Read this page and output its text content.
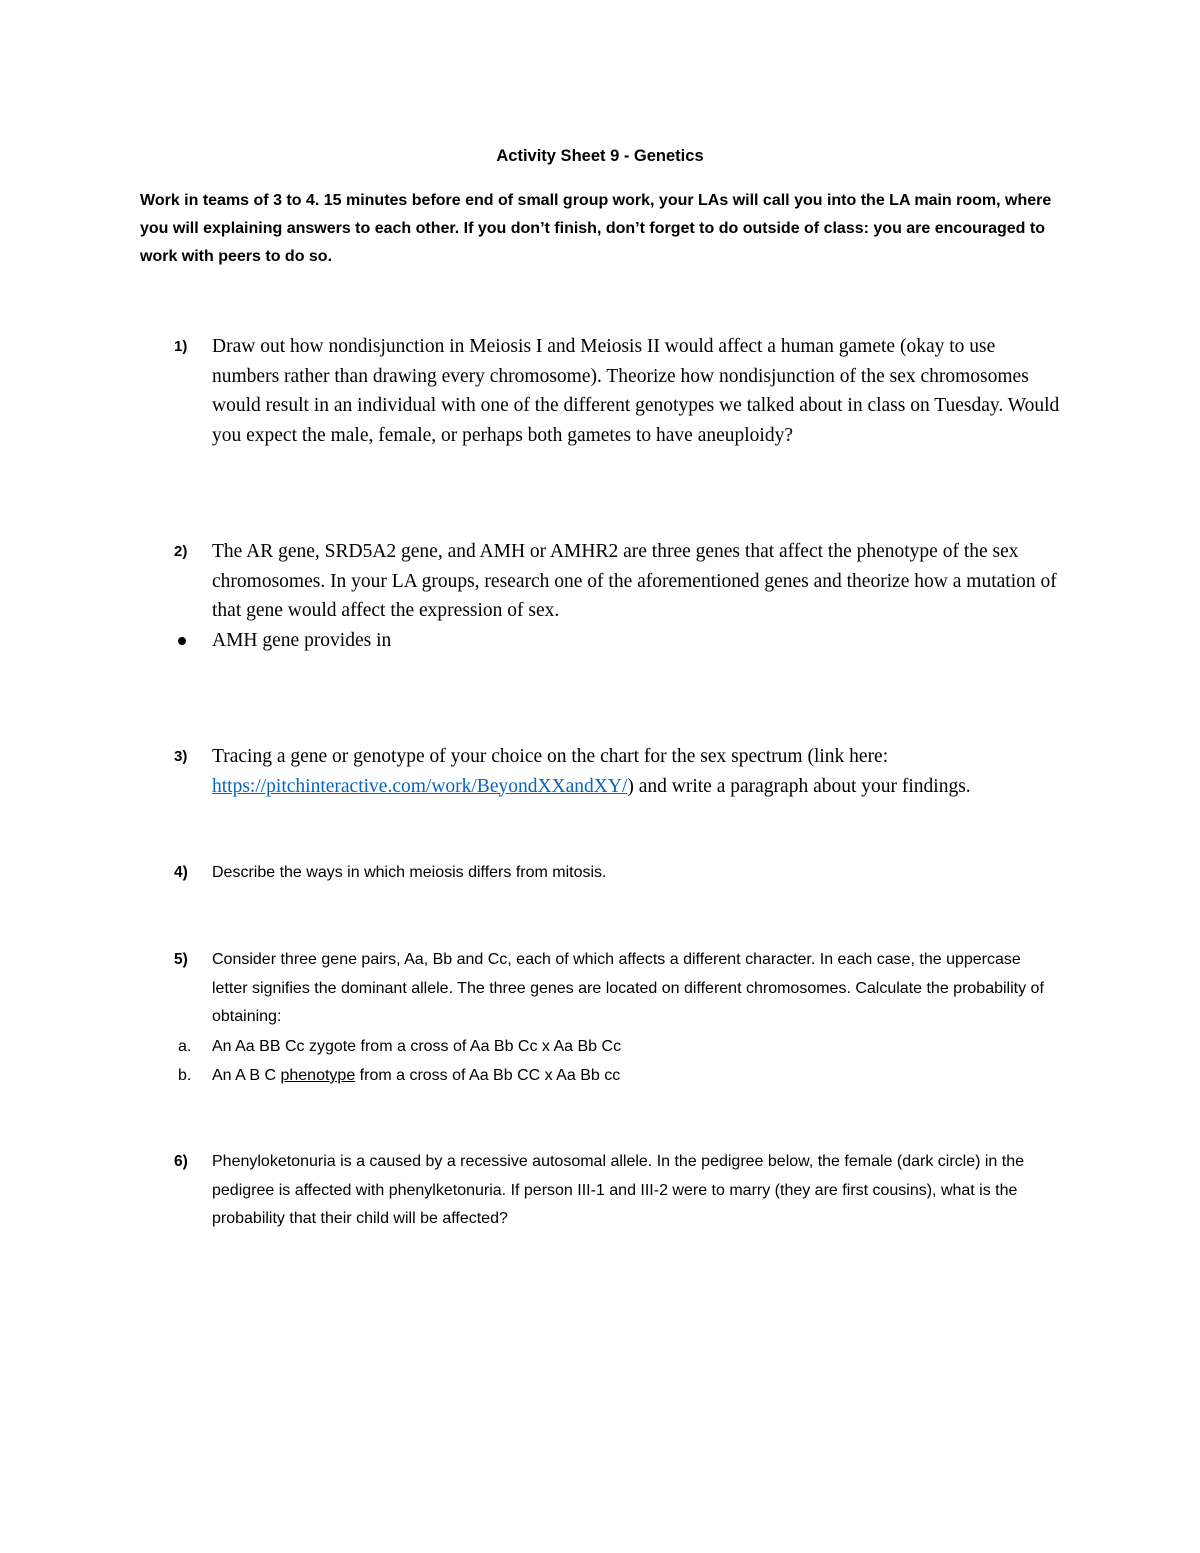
Activity Sheet 9 - Genetics
Work in teams of 3 to 4. 15 minutes before end of small group work, your LAs will call you into the LA main room, where you will explaining answers to each other. If you don’t finish, don’t forget to do outside of class: you are encouraged to work with peers to do so.
1) Draw out how nondisjunction in Meiosis I and Meiosis II would affect a human gamete (okay to use numbers rather than drawing every chromosome). Theorize how nondisjunction of the sex chromosomes would result in an individual with one of the different genotypes we talked about in class on Tuesday. Would you expect the male, female, or perhaps both gametes to have aneuploidy?
2) The AR gene, SRD5A2 gene, and AMH or AMHR2 are three genes that affect the phenotype of the sex chromosomes. In your LA groups, research one of the aforementioned genes and theorize how a mutation of that gene would affect the expression of sex.
AMH gene provides in
3) Tracing a gene or genotype of your choice on the chart for the sex spectrum (link here: https://pitchinteractive.com/work/BeyondXXandXY/) and write a paragraph about your findings.
4) Describe the ways in which meiosis differs from mitosis.
5) Consider three gene pairs, Aa, Bb and Cc, each of which affects a different character. In each case, the uppercase letter signifies the dominant allele. The three genes are located on different chromosomes. Calculate the probability of obtaining:
a. An Aa BB Cc zygote from a cross of Aa Bb Cc x Aa Bb Cc
b. An A B C phenotype from a cross of Aa Bb CC x Aa Bb cc
6) Phenyloketonuria is a caused by a recessive autosomal allele. In the pedigree below, the female (dark circle) in the pedigree is affected with phenylketonuria. If person III-1 and III-2 were to marry (they are first cousins), what is the probability that their child will be affected?
